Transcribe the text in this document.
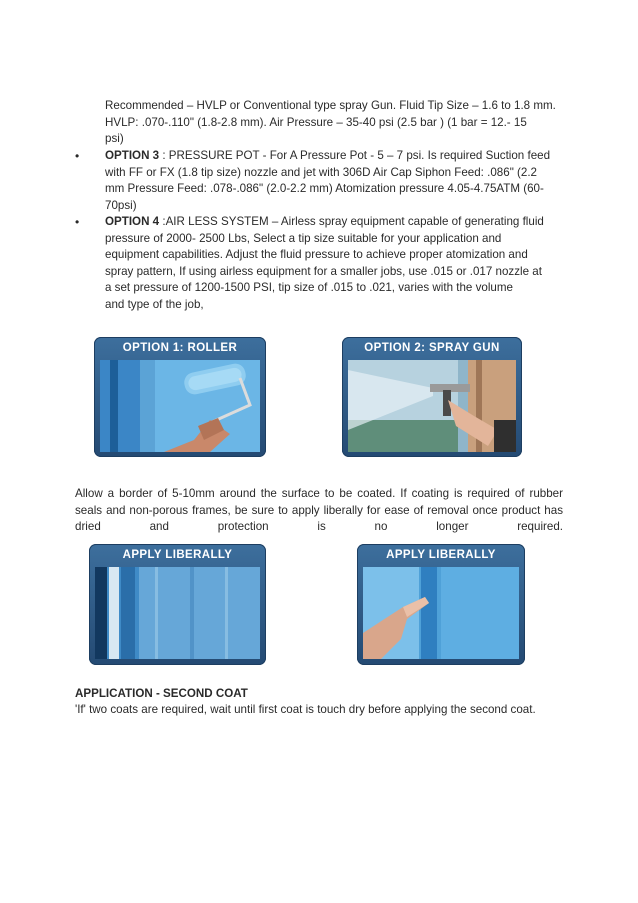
Recommended – HVLP or Conventional type spray Gun. Fluid Tip Size – 1.6 to 1.8 mm.
HVLP: .070-.110" (1.8-2.8 mm). Air Pressure – 35-40 psi (2.5 bar ) (1 bar = 12.- 15
psi)
• OPTION 3 : PRESSURE POT - For A Pressure Pot - 5 – 7 psi. Is required Suction feed
with FF or FX (1.8 tip size) nozzle and jet with 306D Air Cap Siphon Feed: .086" (2.2
mm Pressure Feed: .078-.086" (2.0-2.2 mm) Atomization pressure 4.05-4.75ATM (60-
70psi)
• OPTION 4 :AIR LESS SYSTEM – Airless spray equipment capable of generating fluid
pressure of 2000- 2500 Lbs, Select a tip size suitable for your application and
equipment capabilities. Adjust the fluid pressure to achieve proper atomization and
spray pattern, If using airless equipment for a smaller jobs, use .015 or .017 nozzle at
a set pressure of 1200-1500 PSI, tip size of .015 to .021, varies with the volume
and type of the job,
OPTION 1: ROLLER	OPTION 2: SPRAY GUN
Allow a border of 5-10mm around the surface to be coated. If coating is required of rubber
seals and non-porous frames, be sure to apply liberally for ease of removal once product has
dried and protection is no longer required.
APPLY LIBERALLY	APPLY LIBERALLY
APPLICATION - SECOND COAT
'If' two coats are required, wait until first coat is touch dry before applying the second coat.
